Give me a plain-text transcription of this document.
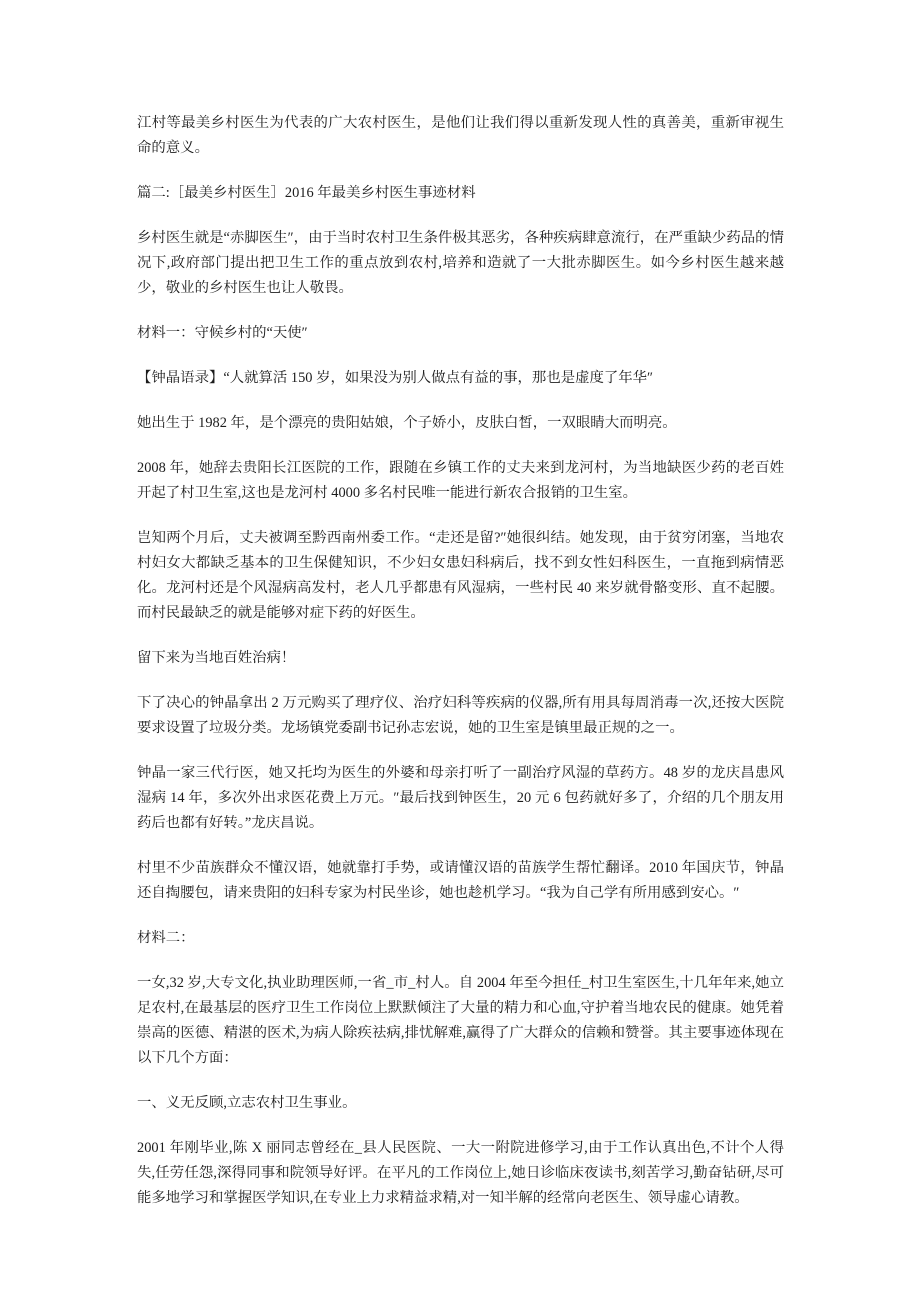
江村等最美乡村医生为代表的广大农村医生，是他们让我们得以重新发现人性的真善美，重新审视生命的意义。

篇二:［最美乡村医生］2016 年最美乡村医生事迹材料

乡村医生就是“赤脚医生″，由于当时农村卫生条件极其恶劣，各种疾病肆意流行，在严重缺少药品的情况下,政府部门提出把卫生工作的重点放到农村,培养和造就了一大批赤脚医生。如今乡村医生越来越少，敬业的乡村医生也让人敬畏。

材料一：守候乡村的“天使″

【钟晶语录】“人就算活 150 岁，如果没为别人做点有益的事，那也是虚度了年华″

她出生于 1982 年，是个漂亮的贵阳姑娘，个子娇小，皮肤白皙，一双眼睛大而明亮。

2008 年，她辞去贵阳长江医院的工作，跟随在乡镇工作的丈夫来到龙河村，为当地缺医少药的老百姓开起了村卫生室,这也是龙河村 4000 多名村民唯一能进行新农合报销的卫生室。

岂知两个月后，丈夫被调至黔西南州委工作。“走还是留?″她很纠结。她发现，由于贫穷闭塞，当地农村妇女大都缺乏基本的卫生保健知识，不少妇女患妇科病后，找不到女性妇科医生，一直拖到病情恶化。龙河村还是个风湿病高发村，老人几乎都患有风湿病，一些村民 40 来岁就骨骼变形、直不起腰。而村民最缺乏的就是能够对症下药的好医生。

留下来为当地百姓治病！

下了决心的钟晶拿出 2 万元购买了理疗仪、治疗妇科等疾病的仪器,所有用具每周消毒一次,还按大医院要求设置了垃圾分类。龙场镇党委副书记孙志宏说，她的卫生室是镇里最正规的之一。

钟晶一家三代行医，她又托均为医生的外婆和母亲打听了一副治疗风湿的草药方。48 岁的龙庆昌患风湿病 14 年，多次外出求医花费上万元。″最后找到钟医生，20 元 6 包药就好多了，介绍的几个朋友用药后也都有好转。”龙庆昌说。

村里不少苗族群众不懂汉语，她就靠打手势，或请懂汉语的苗族学生帮忙翻译。2010 年国庆节，钟晶还自掏腰包，请来贵阳的妇科专家为村民坐诊，她也趁机学习。“我为自己学有所用感到安心。″

材料二：

一女,32 岁,大专文化,执业助理医师,一省_市_村人。自 2004 年至今担任_村卫生室医生,十几年年来,她立足农村,在最基层的医疗卫生工作岗位上默默倾注了大量的精力和心血,守护着当地农民的健康。她凭着崇高的医德、精湛的医术,为病人除疾祛病,排忧解难,赢得了广大群众的信赖和赞誉。其主要事迹体现在以下几个方面：

一、义无反顾,立志农村卫生事业。

2001 年刚毕业,陈 X 丽同志曾经在_县人民医院、一大一附院进修学习,由于工作认真出色,不计个人得失,任劳任怨,深得同事和院领导好评。在平凡的工作岗位上,她日诊临床夜读书,刻苦学习,勤奋钻研,尽可能多地学习和掌握医学知识,在专业上力求精益求精,对一知半解的经常向老医生、领导虚心请教。
